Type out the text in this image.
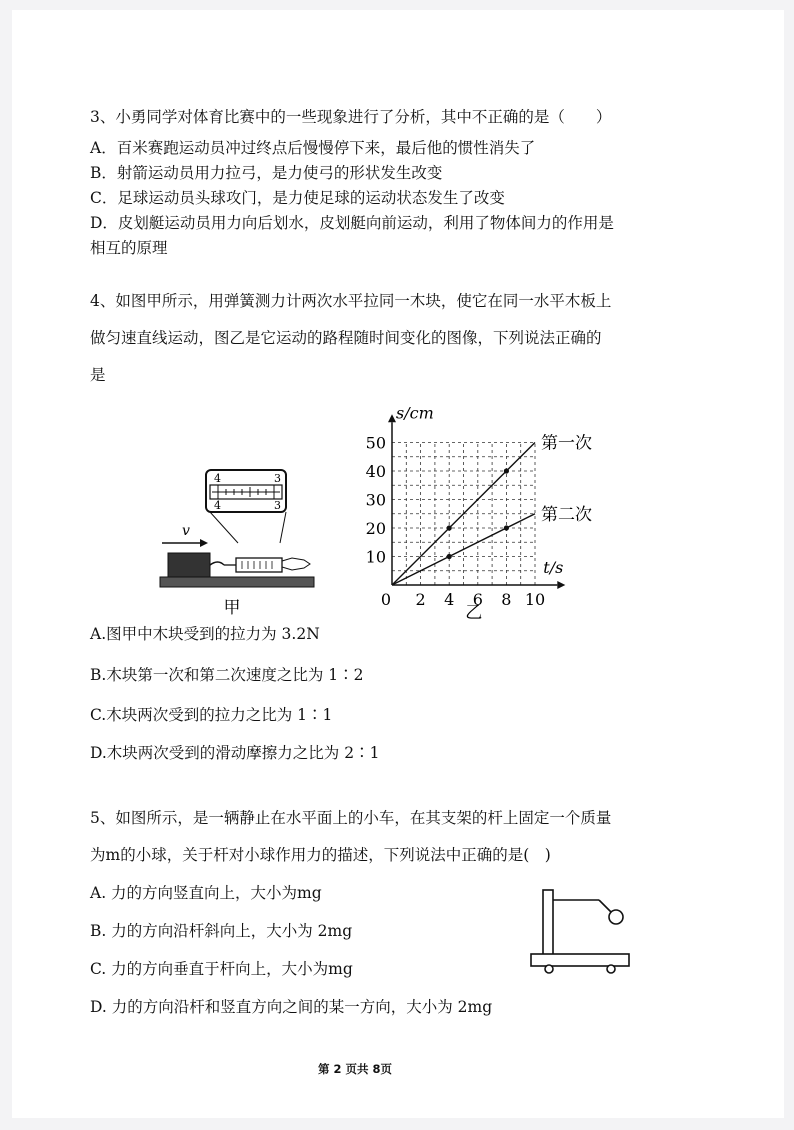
3、小勇同学对体育比赛中的一些现象进行了分析，其中不正确的是（　　）
A．百米赛跑运动员冲过终点后慢慢停下来，最后他的惯性消失了
B．射箭运动员用力拉弓，是力使弓的形状发生改变
C．足球运动员头球攻门，是力使足球的运动状态发生了改变
D．皮划艇运动员用力向后划水，皮划艇向前运动，利用了物体间力的作用是
相互的原理
4、如图甲所示，用弹簧测力计两次水平拉同一木块，使它在同一水平木板上
做匀速直线运动，图乙是它运动的路程随时间变化的图像，下列说法正确的
是
4	3
4	3
v
甲	0 2 4 6 8 10
10
20
30
40
50
t/s
s/cm
第一次
第二次
乙
A.图甲中木块受到的拉力为 3.2N
B.木块第一次和第二次速度之比为 1∶2
C.木块两次受到的拉力之比为 1∶1
D.木块两次受到的滑动摩擦力之比为 2∶1
5、如图所示，是一辆静止在水平面上的小车，在其支架的杆上固定一个质量
为m的小球，关于杆对小球作用力的描述，下列说法中正确的是(　)
A. 力的方向竖直向上，大小为mg
B. 力的方向沿杆斜向上，大小为 2mg
C. 力的方向垂直于杆向上，大小为mg
D. 力的方向沿杆和竖直方向之间的某一方向，大小为 2mg
第 2 页共 8页
